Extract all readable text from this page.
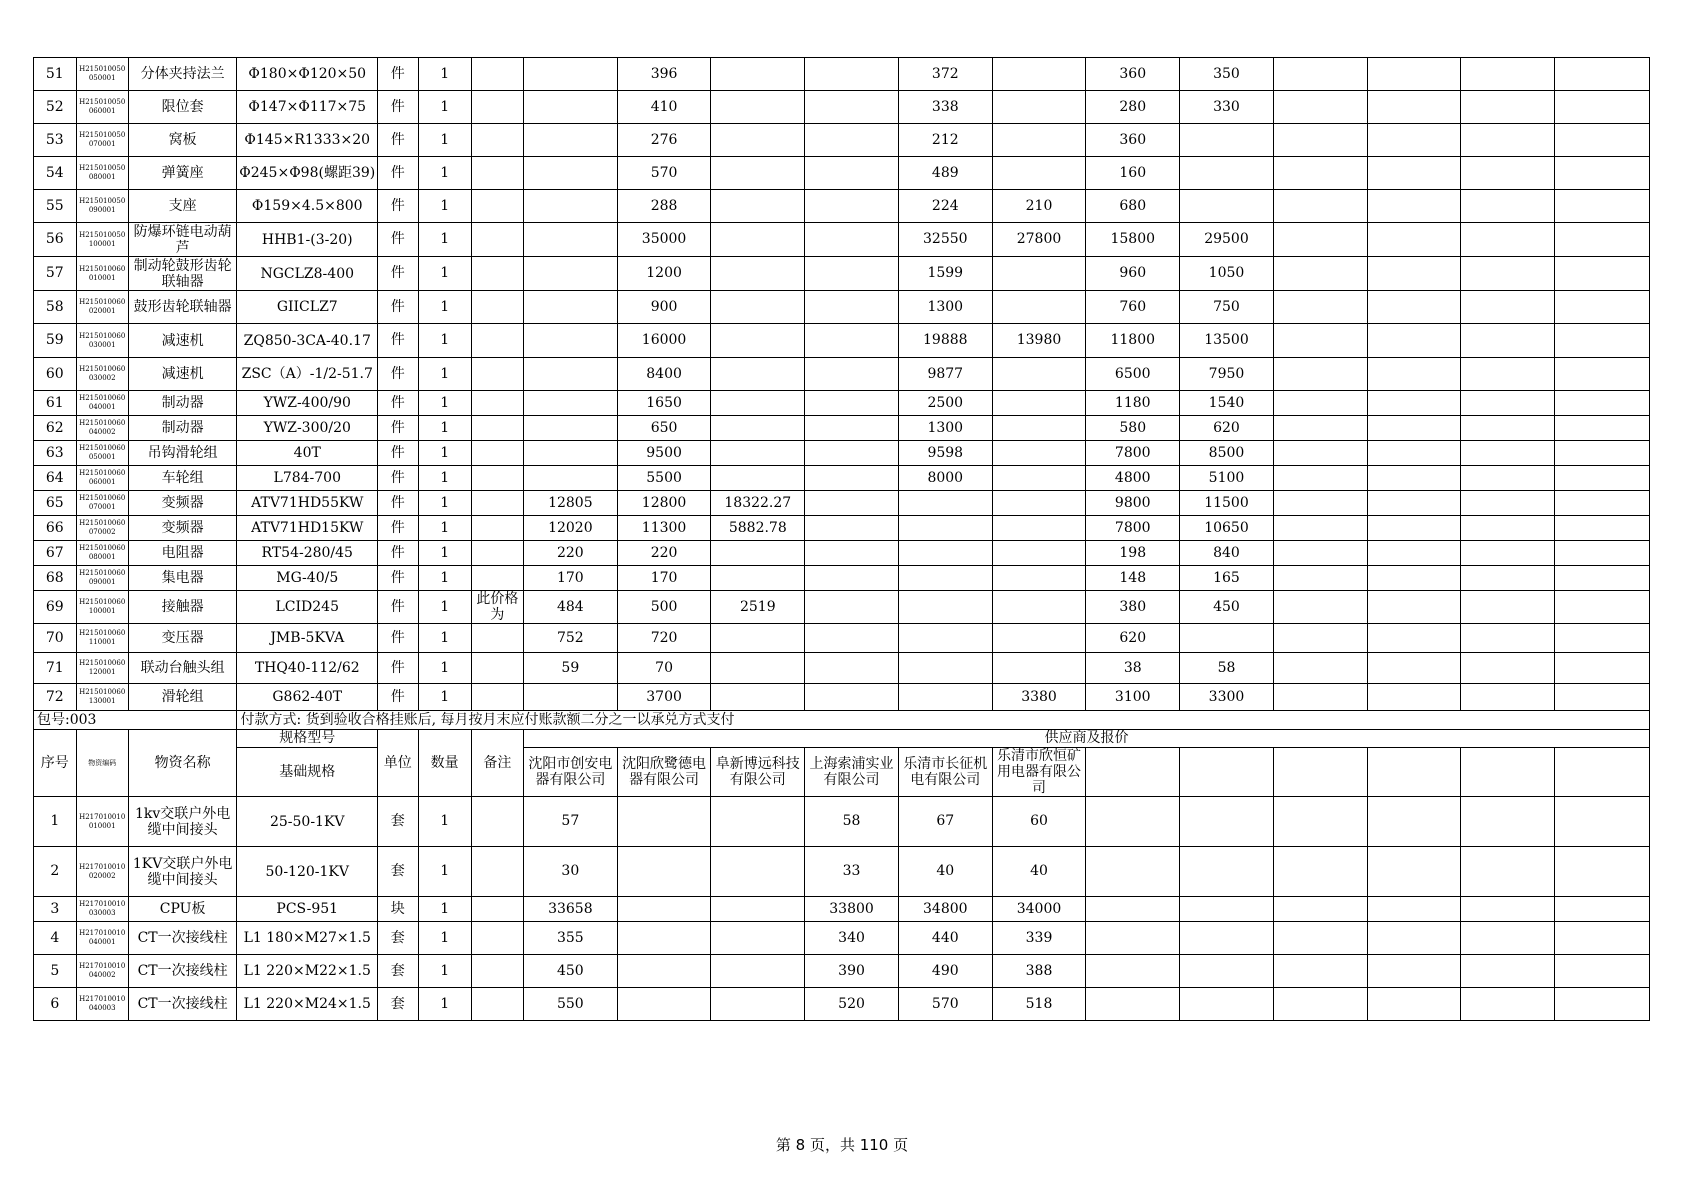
51	H215010050050001	分体夹持法兰	Φ180×Φ120×50	件	1			396			372		360	350				
52	H215010050060001	限位套	Φ147×Φ117×75	件	1			410			338		280	330				
53	H215010050070001	窝板	Φ145×R1333×20	件	1			276			212		360					
54	H215010050080001	弹簧座	Φ245×Φ98(螺距39)	件	1			570			489		160					
55	H215010050090001	支座	Φ159×4.5×800	件	1			288			224	210	680					
56	H215010050100001	防爆环链电动葫芦	HHB1-(3-20)	件	1			35000			32550	27800	15800	29500				
57	H215010060010001	制动轮鼓形齿轮联轴器	NGCLZ8-400	件	1			1200			1599		960	1050				
58	H215010060020001	鼓形齿轮联轴器	GIICLZ7	件	1			900			1300		760	750				
59	H215010060030001	减速机	ZQ850-3CA-40.17	件	1			16000			19888	13980	11800	13500				
60	H215010060030002	减速机	ZSC（A）-1/2-51.7	件	1			8400			9877		6500	7950				
61	H215010060040001	制动器	YWZ-400/90	件	1			1650			2500		1180	1540				
62	H215010060040002	制动器	YWZ-300/20	件	1			650			1300		580	620				
63	H215010060050001	吊钩滑轮组	40T	件	1			9500			9598		7800	8500				
64	H215010060060001	车轮组	L784-700	件	1			5500			8000		4800	5100				
65	H215010060070001	变频器	ATV71HD55KW	件	1		12805	12800	18322.27				9800	11500				
66	H215010060070002	变频器	ATV71HD15KW	件	1		12020	11300	5882.78				7800	10650				
67	H215010060080001	电阻器	RT54-280/45	件	1		220	220					198	840				
68	H215010060090001	集电器	MG-40/5	件	1		170	170					148	165				
69	H215010060100001	接触器	LCID245	件	1	此价格为	484	500	2519				380	450				
70	H215010060110001	变压器	JMB-5KVA	件	1		752	720					620					
71	H215010060120001	联动台触头组	THQ40-112/62	件	1		59	70					38	58				
72	H215010060130001	滑轮组	G862-40T	件	1			3700				3380	3100	3300				
包号:003			付款方式: 货到验收合格挂账后, 每月按月末应付账款额二分之一以承兑方式支付															
序号	物资编码	物资名称	规格型号	单位	数量	备注	供应商及报价											
			基础规格				沈阳市创安电器有限公司	沈阳欣鹭德电器有限公司	阜新博远科技有限公司	上海索浦实业有限公司	乐清市长征机电有限公司	乐清市欣恒矿用电器有限公司						
1	H217010010010001	1kv交联户外电缆中间接头	25-50-1KV	套	1		57			58	67	60						
2	H217010010020002	1KV交联户外电缆中间接头	50-120-1KV	套	1		30			33	40	40						
3	H217010010030003	CPU板	PCS-951	块	1		33658			33800	34800	34000						
4	H217010010040001	CT一次接线柱	L1 180×M27×1.5	套	1		355			340	440	339						
5	H217010010040002	CT一次接线柱	L1 220×M22×1.5	套	1		450			390	490	388						
6	H217010010040003	CT一次接线柱	L1 220×M24×1.5	套	1		550			520	570	518						
第 8 页，共 110 页
